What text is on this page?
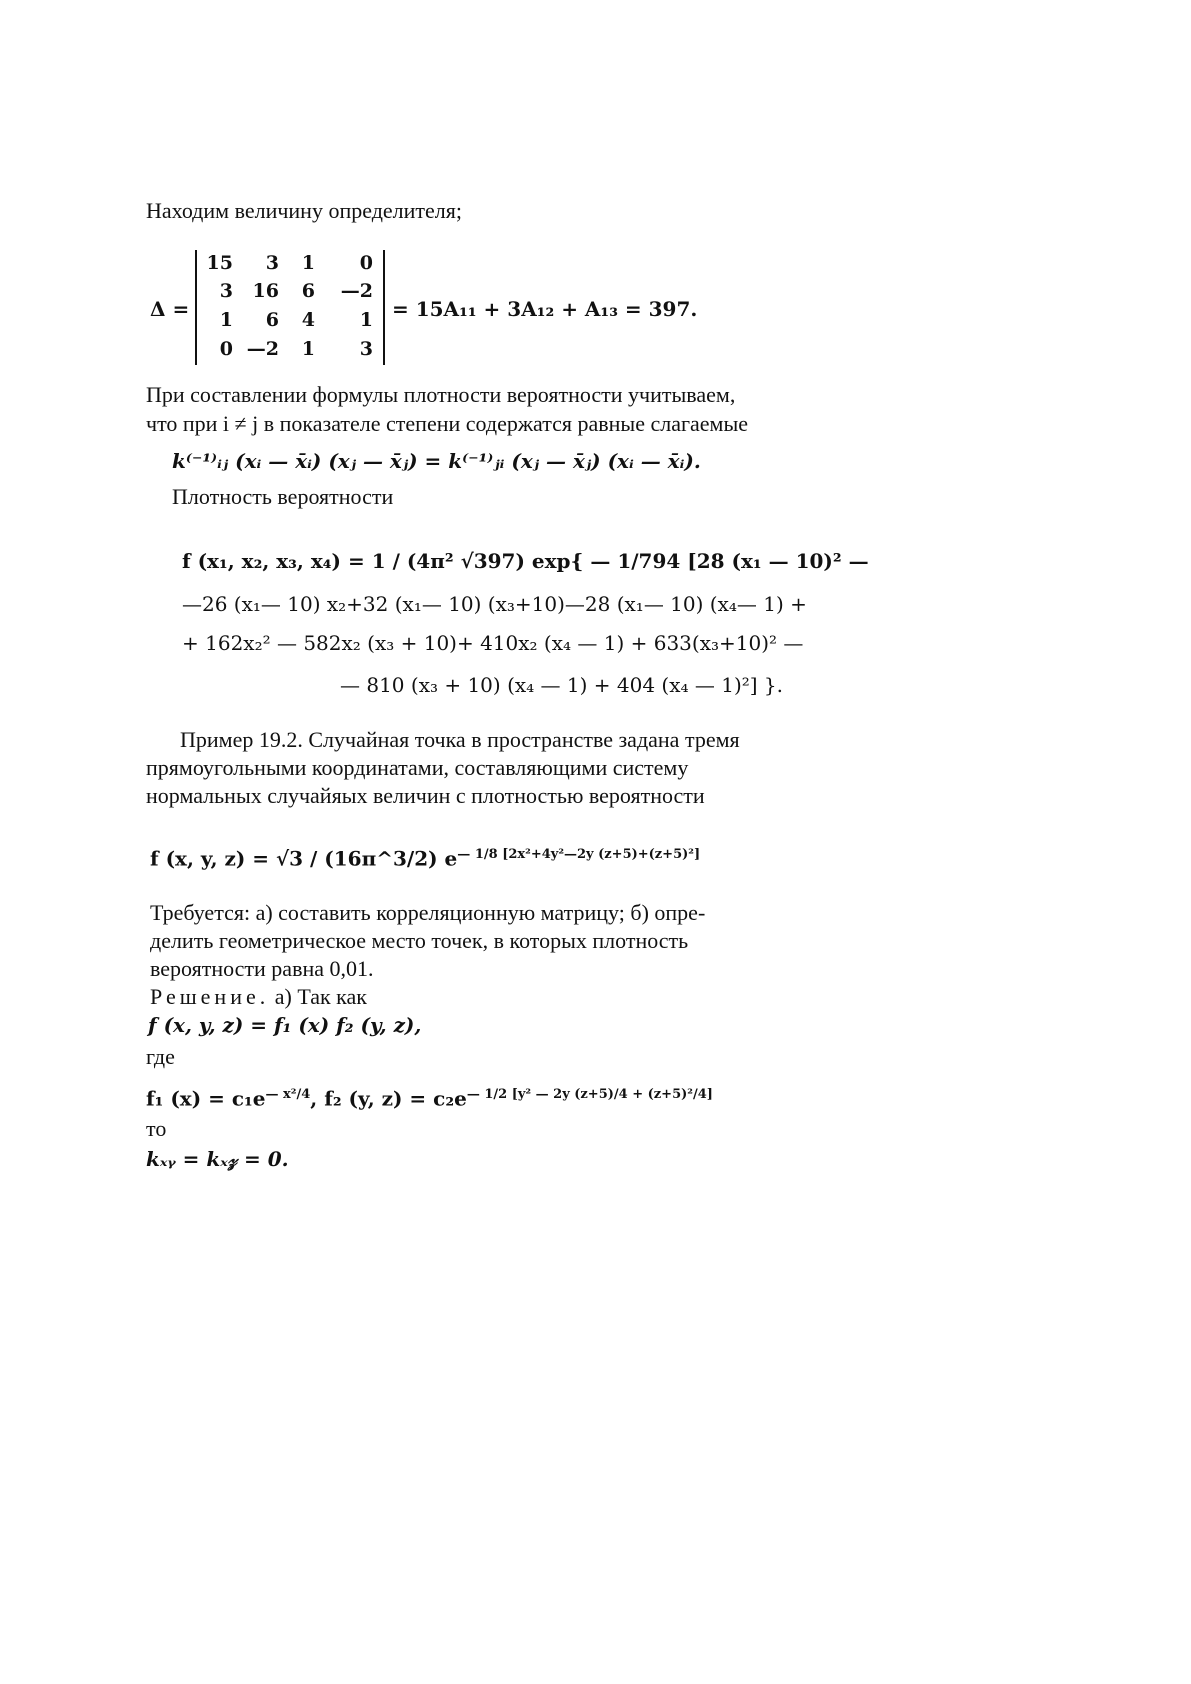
Находим величину определителя;
Δ =
15	3	1	0
3	16	6	—2
1	6	4	1
0 —2	1	3
= 15A₁₁ + 3A₁₂ + A₁₃ = 397.
При составлении формулы плотности вероятности учитываем,
что при i ≠ j в показателе степени содержатся равные слагаемые
k⁽⁻¹⁾ᵢⱼ (xᵢ — x̄ᵢ) (xⱼ — x̄ⱼ) = k⁽⁻¹⁾ⱼᵢ (xⱼ — x̄ⱼ) (xᵢ — x̄ᵢ).
Плотность вероятности
f (x₁, x₂, x₃, x₄) = 1 / (4π² √397) exp{ — 1/794 [28 (x₁ — 10)² —
—26 (x₁— 10) x₂+32 (x₁— 10) (x₃+10)—28 (x₁— 10) (x₄— 1) +
+ 162x₂² — 582x₂ (x₃ + 10)+ 410x₂ (x₄ — 1) + 633(x₃+10)² —
— 810 (x₃ + 10) (x₄ — 1) + 404 (x₄ — 1)²] }.
Пример 19.2. Случайная точка в пространстве задана тремя
прямоугольными координатами, составляющими систему
нормальных случайяых величин с плотностью вероятности
f (x, y, z) = √3 / (16π^3/2) $e^{— 1/8 [2x^2+4y^2—2y (z+5)+(z+5)^2]}$
Требуется: а) составить корреляционную матрицу; б) опре-
делить геометрическое место точек, в которых плотность
вероятности равна 0,01.
Решение. а) Так как
f (x, y, z) = f₁ (x) f₂ (y, z),
где
f₁ $(x) = c_1e^{— x^2/4}$, f₂ (y, $z) = c_2e^{— 1/2 [y^2 — 2y (z+5)/4 + (z+5)^2/4]}$
то
kₓᵧ = kₓ𝓏 = 0.
